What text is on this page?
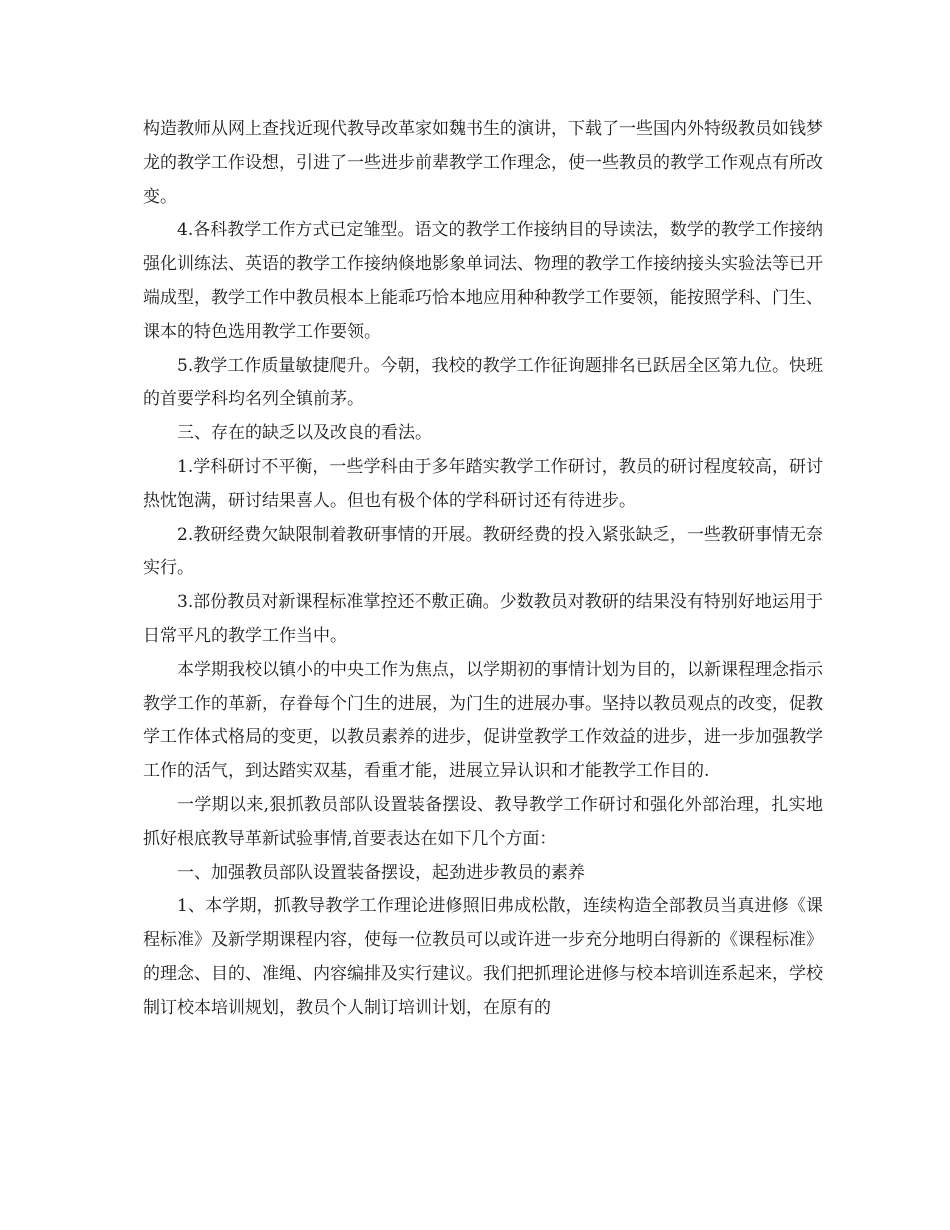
构造教师从网上查找近现代教导改革家如魏书生的演讲，下载了一些国内外特级教员如钱梦龙的教学工作设想，引进了一些进步前辈教学工作理念，使一些教员的教学工作观点有所改变。

4.各科教学工作方式已定雏型。语文的教学工作接纳目的导读法，数学的教学工作接纳强化训练法、英语的教学工作接纳倏地影象单词法、物理的教学工作接纳接头实验法等已开端成型，教学工作中教员根本上能乖巧恰本地应用种种教学工作要领，能按照学科、门生、课本的特色选用教学工作要领。

5.教学工作质量敏捷爬升。今朝，我校的教学工作征询题排名已跃居全区第九位。快班的首要学科均名列全镇前茅。

三、存在的缺乏以及改良的看法。

1.学科研讨不平衡，一些学科由于多年踏实教学工作研讨，教员的研讨程度较高，研讨热忱饱满，研讨结果喜人。但也有极个体的学科研讨还有待进步。

2.教研经费欠缺限制着教研事情的开展。教研经费的投入紧张缺乏，一些教研事情无奈实行。

3.部份教员对新课程标准掌控还不敷正确。少数教员对教研的结果没有特别好地运用于日常平凡的教学工作当中。

本学期我校以镇小的中央工作为焦点，以学期初的事情计划为目的，以新课程理念指示教学工作的革新，存眷每个门生的进展，为门生的进展办事。坚持以教员观点的改变，促教学工作体式格局的变更，以教员素养的进步，促讲堂教学工作效益的进步，进一步加强教学工作的活气，到达踏实双基，看重才能，进展立异认识和才能教学工作目的.

一学期以来,狠抓教员部队设置装备摆设、教导教学工作研讨和强化外部治理，扎实地抓好根底教导革新试验事情,首要表达在如下几个方面：

一、加强教员部队设置装备摆设，起劲进步教员的素养

1、本学期，抓教导教学工作理论进修照旧弗成松散，连续构造全部教员当真进修《课程标准》及新学期课程内容，使每一位教员可以或许进一步充分地明白得新的《课程标准》的理念、目的、准绳、内容编排及实行建议。我们把抓理论进修与校本培训连系起来，学校制订校本培训规划，教员个人制订培训计划，在原有的
